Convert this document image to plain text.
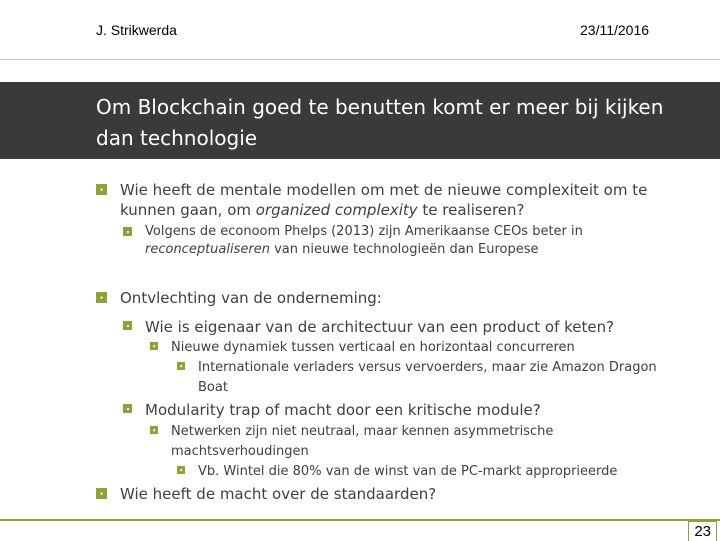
J. Strikwerda	23/11/2016
Om Blockchain goed te benutten komt er meer bij kijken dan technologie
Wie heeft de mentale modellen om met de nieuwe complexiteit om te kunnen gaan, om organized complexity te realiseren?
Volgens de econoom Phelps (2013) zijn Amerikaanse CEOs beter in reconceptualiseren van nieuwe technologieën dan Europese
Ontvlechting van de onderneming:
Wie is eigenaar van de architectuur van een product of keten?
Nieuwe dynamiek tussen verticaal en horizontaal concurreren
Internationale verladers versus vervoerders, maar zie Amazon Dragon Boat
Modularity trap of macht door een kritische module?
Netwerken zijn niet neutraal, maar kennen asymmetrische machtsverhoudingen
Vb. Wintel die 80% van de winst van de PC-markt approprieerde
Wie heeft de macht over de standaarden?
23
